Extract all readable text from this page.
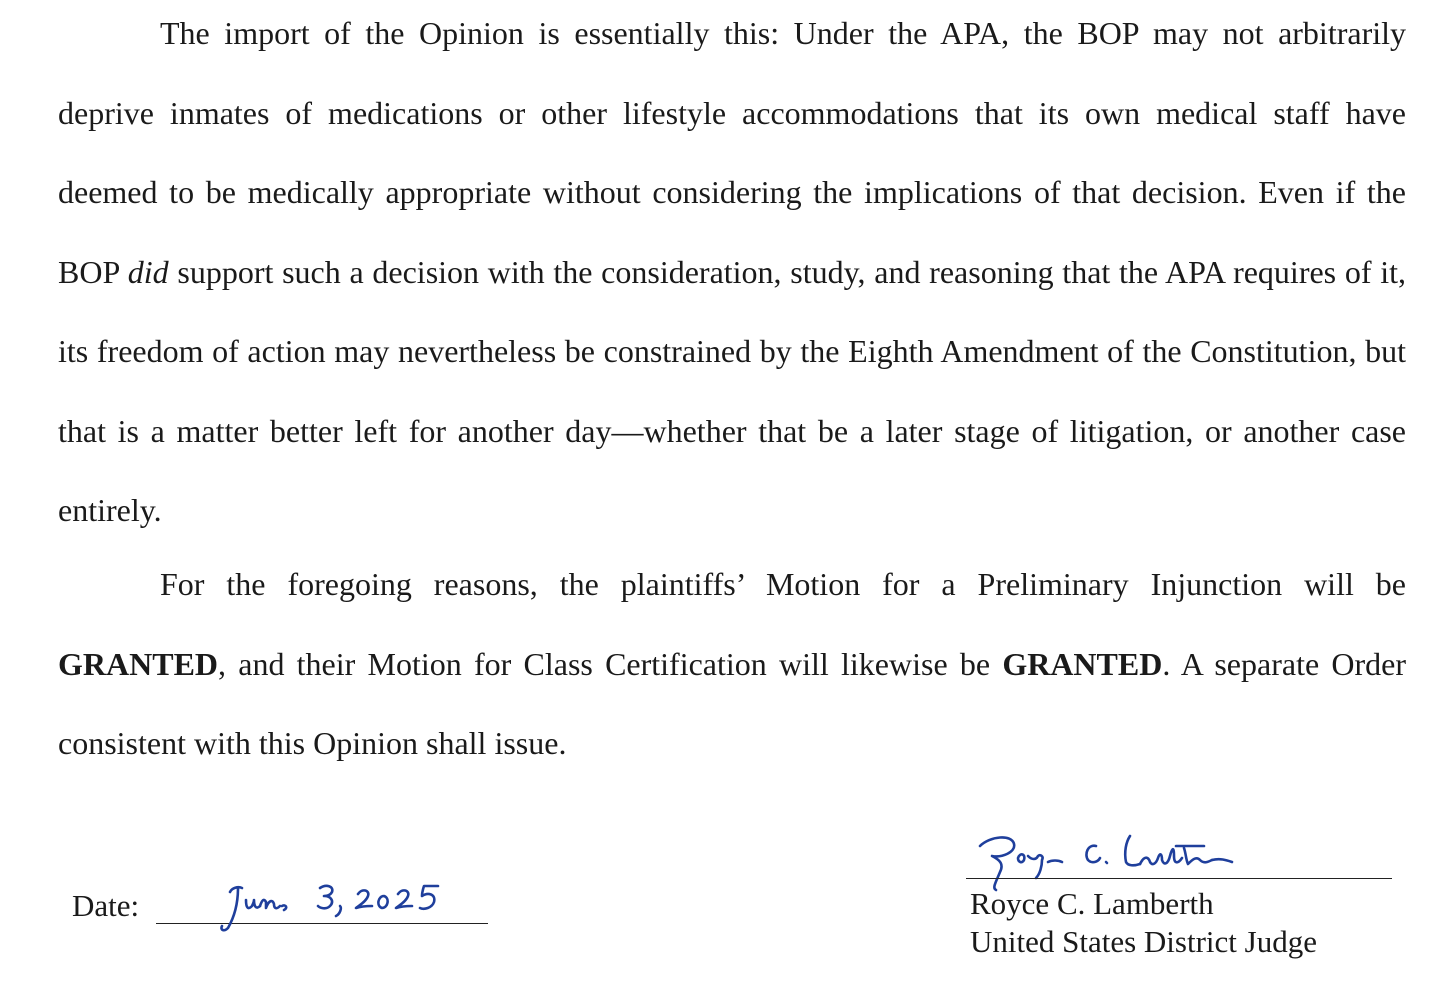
The import of the Opinion is essentially this: Under the APA, the BOP may not arbitrarily deprive inmates of medications or other lifestyle accommodations that its own medical staff have deemed to be medically appropriate without considering the implications of that decision. Even if the BOP did support such a decision with the consideration, study, and reasoning that the APA requires of it, its freedom of action may nevertheless be constrained by the Eighth Amendment of the Constitution, but that is a matter better left for another day—whether that be a later stage of litigation, or another case entirely.

For the foregoing reasons, the plaintiffs’ Motion for a Preliminary Injunction will be GRANTED, and their Motion for Class Certification will likewise be GRANTED. A separate Order consistent with this Opinion shall issue.

Date:	Royce C. Lamberth
United States District Judge
